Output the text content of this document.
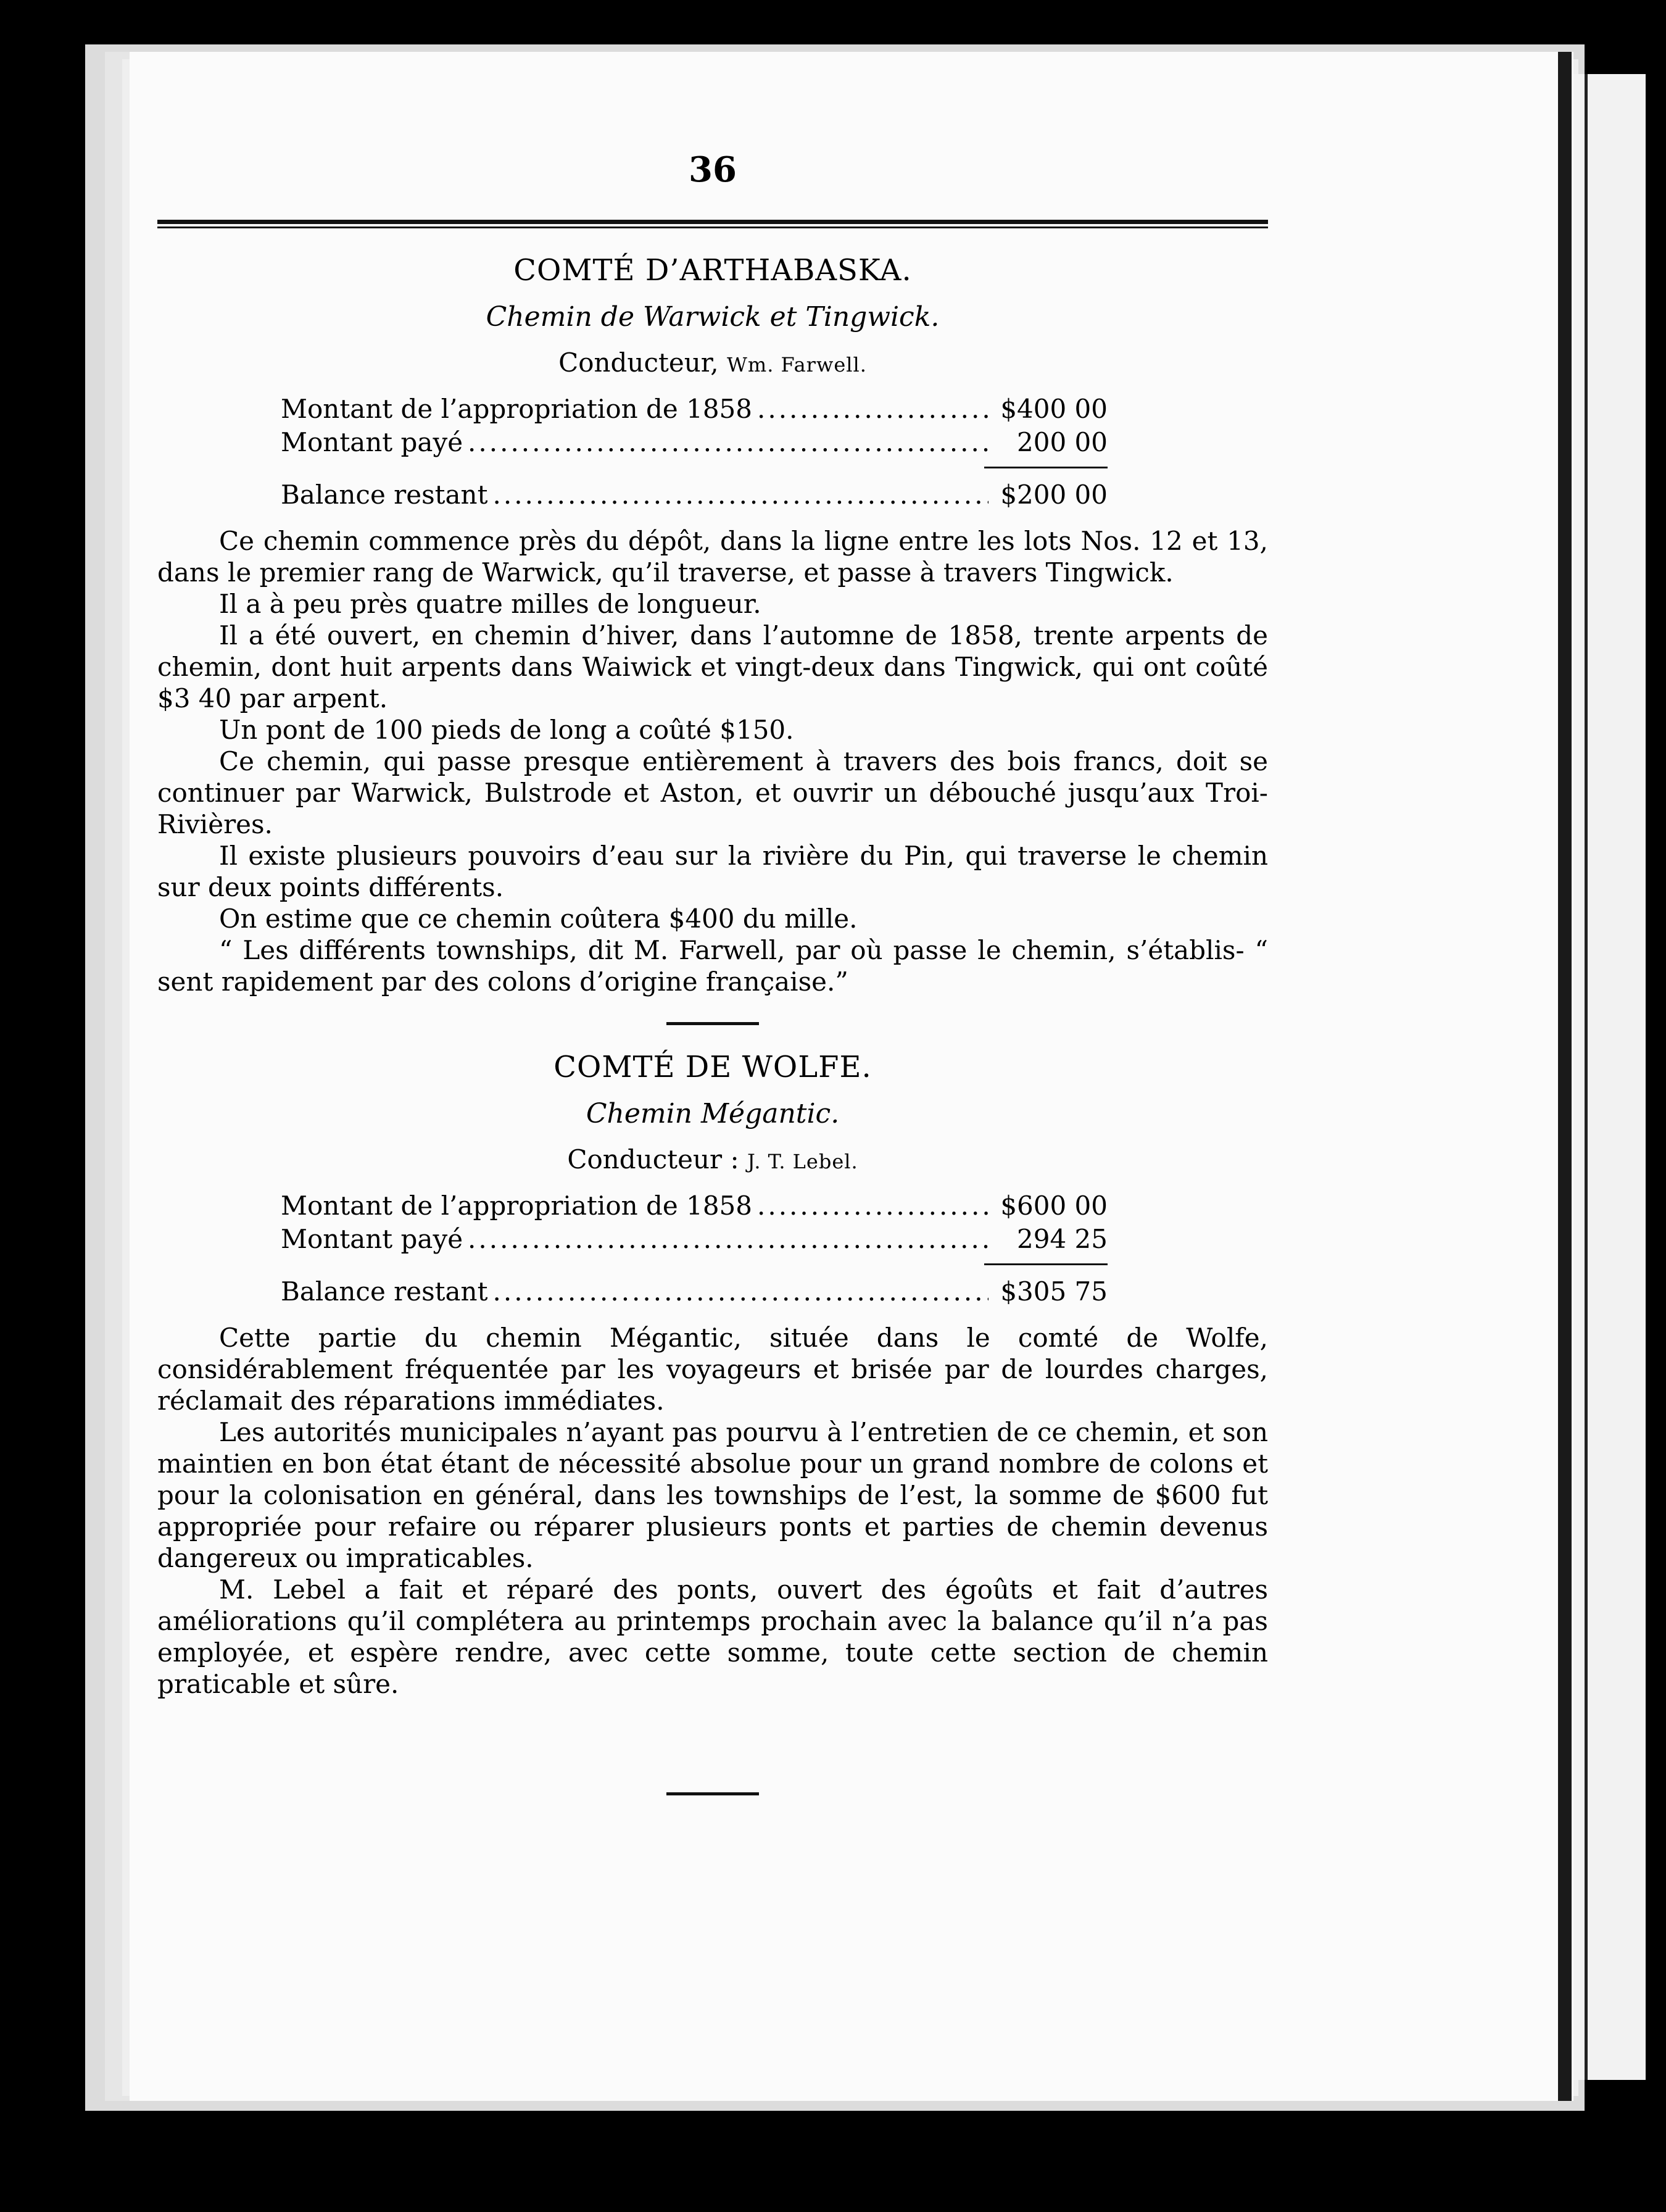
36
COMTÉ D’ARTHABASKA.
Chemin de Warwick et Tingwick.
Conducteur, Wm. Farwell.
Montant de l’appropriation de 1858 .....	$400 00
Montant payé .....	200 00
Balance restant .....	$200 00

Ce chemin commence près du dépôt, dans la ligne entre les lots Nos. 12 et 13, dans le premier rang de Warwick, qu’il traverse, et passe à travers Tingwick.

Il a à peu près quatre milles de longueur.

Il a été ouvert, en chemin d’hiver, dans l’automne de 1858, trente arpents de chemin, dont huit arpents dans Waiwick et vingt-deux dans Tingwick, qui ont coûté $3 40 par arpent.

Un pont de 100 pieds de long a coûté $150.

Ce chemin, qui passe presque entièrement à travers des bois francs, doit se continuer par Warwick, Bulstrode et Aston, et ouvrir un débouché jusqu’aux Troi-Rivières.

Il existe plusieurs pouvoirs d’eau sur la rivière du Pin, qui traverse le chemin sur deux points différents.

On estime que ce chemin coûtera $400 du mille.

“ Les différents townships, dit M. Farwell, par où passe le chemin, s’établis- “ sent rapidement par des colons d’origine française.”

COMTÉ DE WOLFE.
Chemin Mégantic.
Conducteur : J. T. Lebel.
Montant de l’appropriation de 1858 .....	$600 00
Montant payé .....	294 25
Balance restant .....	$305 75

Cette partie du chemin Mégantic, située dans le comté de Wolfe, considérablement fréquentée par les voyageurs et brisée par de lourdes charges, réclamait des réparations immédiates.

Les autorités municipales n’ayant pas pourvu à l’entretien de ce chemin, et son maintien en bon état étant de nécessité absolue pour un grand nombre de colons et pour la colonisation en général, dans les townships de l’est, la somme de $600 fut appropriée pour refaire ou réparer plusieurs ponts et parties de chemin devenus dangereux ou impraticables.

M. Lebel a fait et réparé des ponts, ouvert des égoûts et fait d’autres améliorations qu’il complétera au printemps prochain avec la balance qu’il n’a pas employée, et espère rendre, avec cette somme, toute cette section de chemin praticable et sûre.
